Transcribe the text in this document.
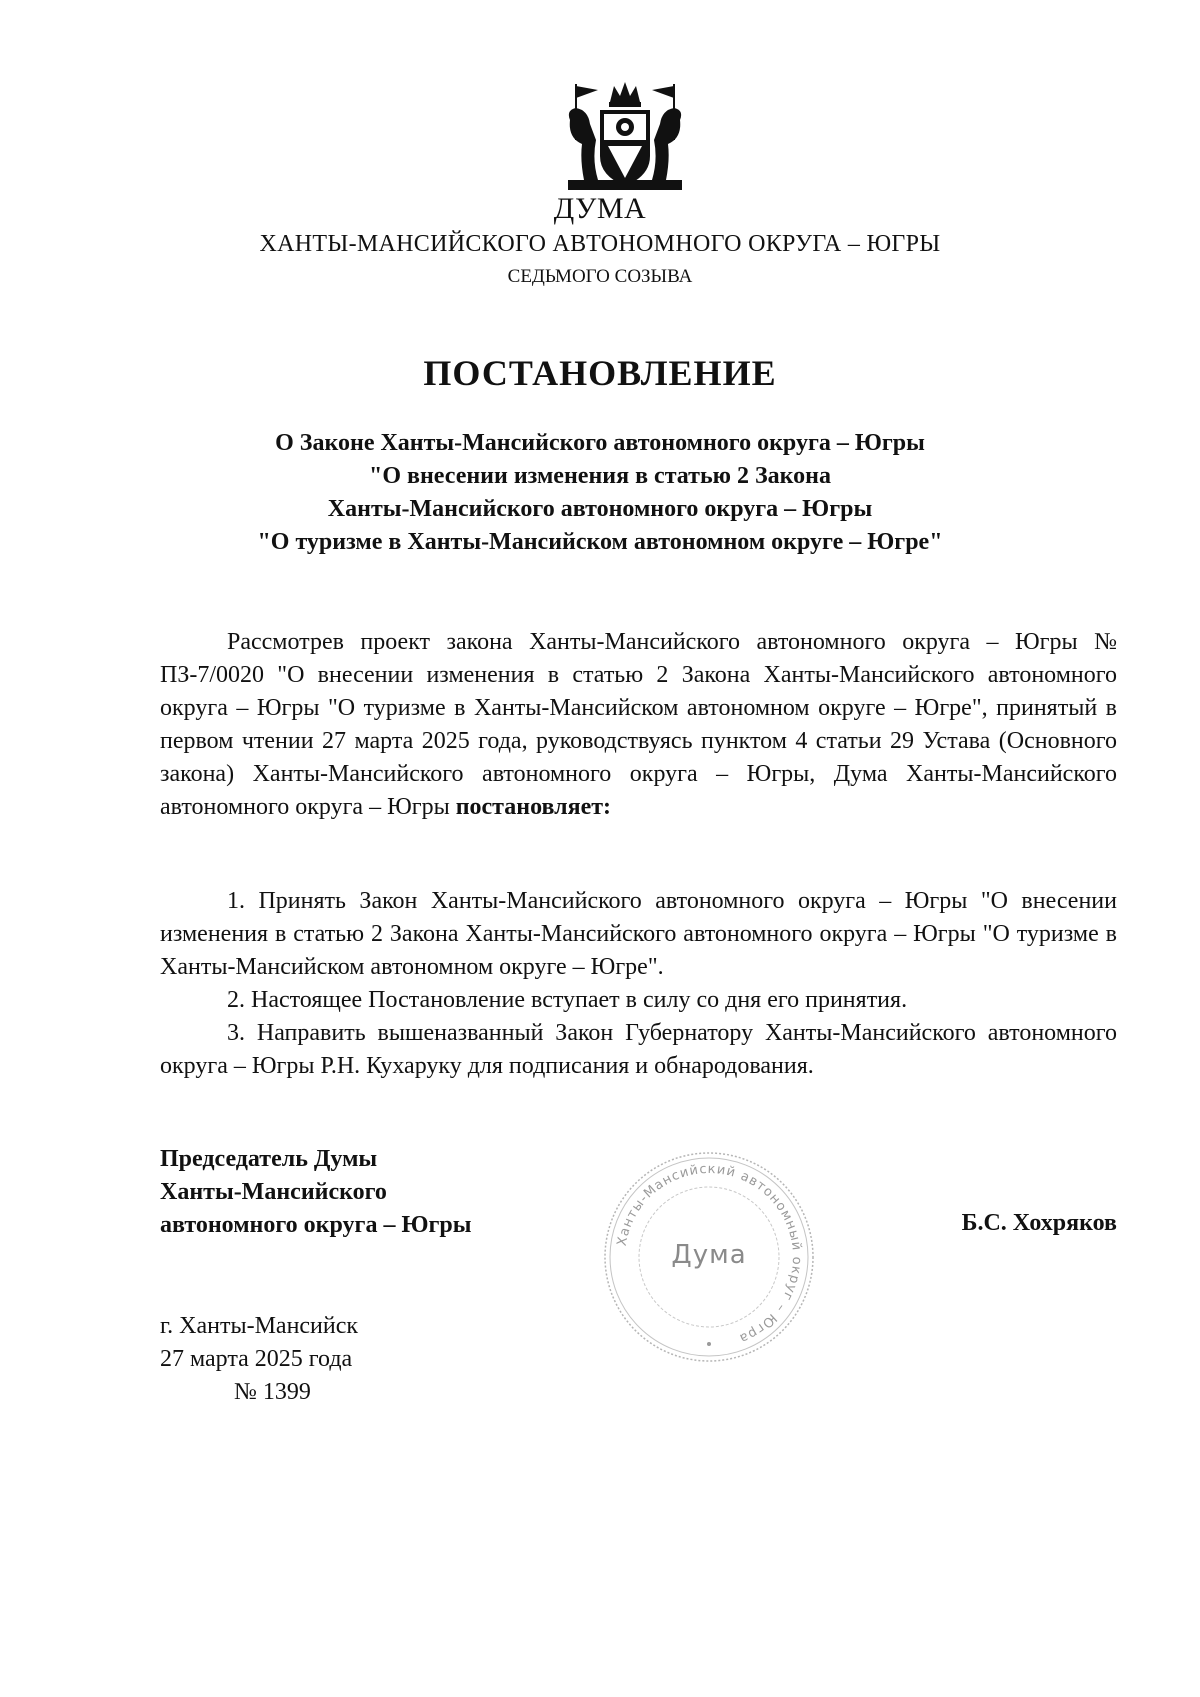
ДУМА
ХАНТЫ-МАНСИЙСКОГО АВТОНОМНОГО ОКРУГА – ЮГРЫ
СЕДЬМОГО СОЗЫВА
ПОСТАНОВЛЕНИЕ
О Законе Ханты-Мансийского автономного округа – Югры
"О внесении изменения в статью 2 Закона
Ханты-Мансийского автономного округа – Югры
"О туризме в Ханты-Мансийском автономном округе – Югре"

Рассмотрев проект закона Ханты-Мансийского автономного округа – Югры № ПЗ-7/0020 "О внесении изменения в статью 2 Закона Ханты-Мансийского автономного округа – Югры "О туризме в Ханты-Мансийском автономном округе – Югре", принятый в первом чтении 27 марта 2025 года, руководствуясь пунктом 4 статьи 29 Устава (Основного закона) Ханты-Мансийского автономного округа – Югры, Дума Ханты-Мансийского автономного округа – Югры постановляет:

1. Принять Закон Ханты-Мансийского автономного округа – Югры "О внесении изменения в статью 2 Закона Ханты-Мансийского автономного округа – Югры "О туризме в Ханты-Мансийском автономном округе – Югре".

2. Настоящее Постановление вступает в силу со дня его принятия.

3. Направить вышеназванный Закон Губернатору Ханты-Мансийского автономного округа – Югры Р.Н. Кухаруку для подписания и обнародования.

Председатель Думы
Ханты-Мансийского
автономного округа – Югры
Ханты-Мансийский автономный округ – Югра
Дума
Б.С. Хохряков
г. Ханты-Мансийск
27 марта 2025 года
№ 1399
